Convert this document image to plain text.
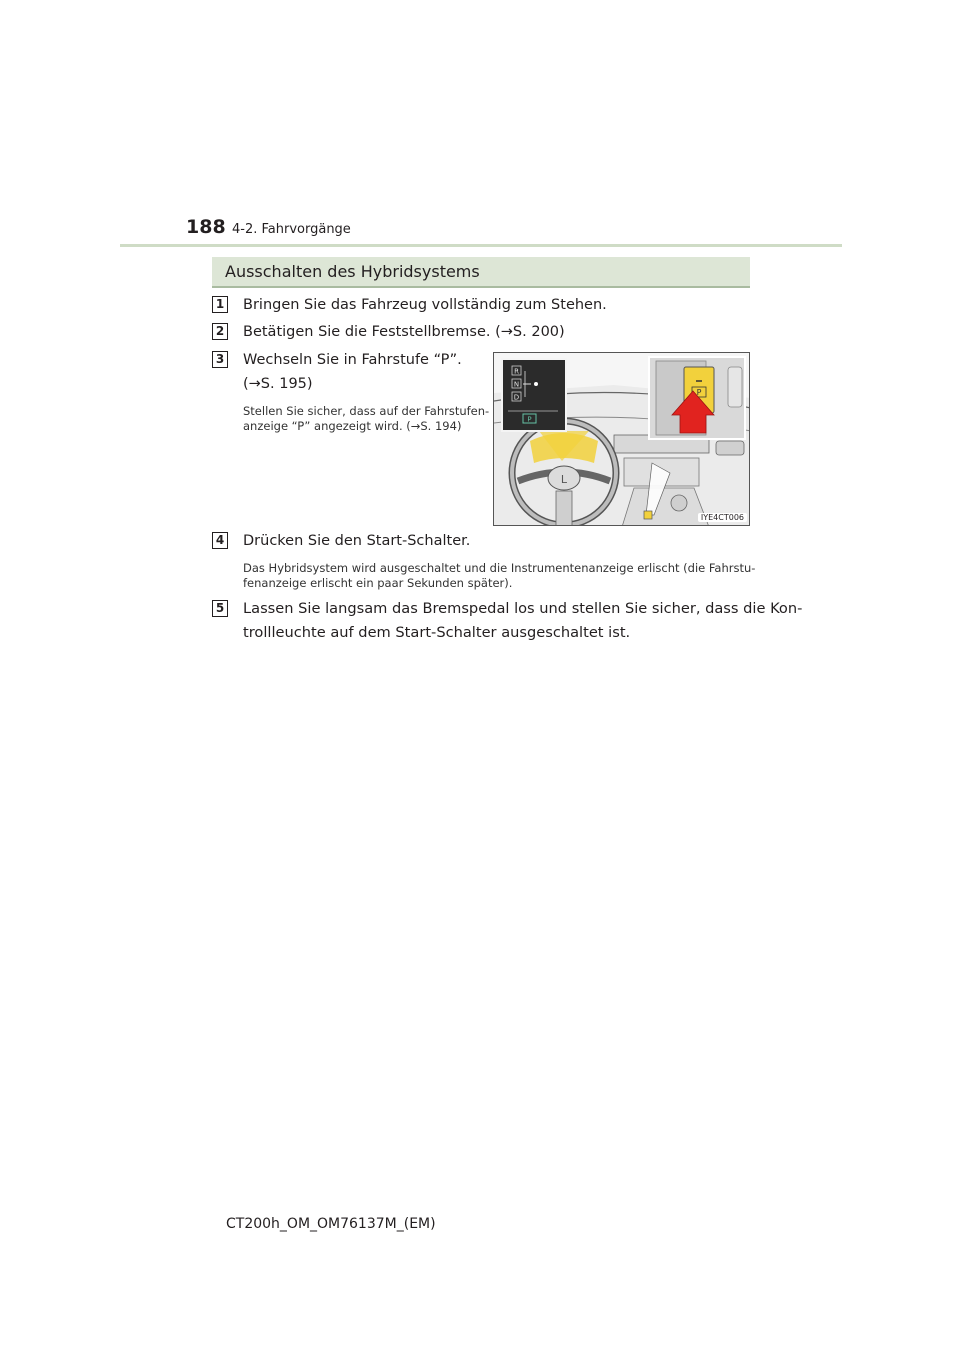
188 4-2. Fahrvorgänge
Ausschalten des Hybridsystems
1 Bringen Sie das Fahrzeug vollständig zum Stehen.
2 Betätigen Sie die Feststellbremse. (→S. 200)
3 Wechseln Sie in Fahrstufe “P”.
(→S. 195)
Stellen Sie sicher, dass auf der Fahrstufen-
anzeige “P” angezeigt wird. (→S. 194)
L
R
N
D
P
P
IYE4CT006
4 Drücken Sie den Start-Schalter.
Das Hybridsystem wird ausgeschaltet und die Instrumentenanzeige erlischt (die Fahrstu-
fenanzeige erlischt ein paar Sekunden später).
5 Lassen Sie langsam das Bremspedal los und stellen Sie sicher, dass die Kon-
trollleuchte auf dem Start-Schalter ausgeschaltet ist.
CT200h_OM_OM76137M_(EM)
